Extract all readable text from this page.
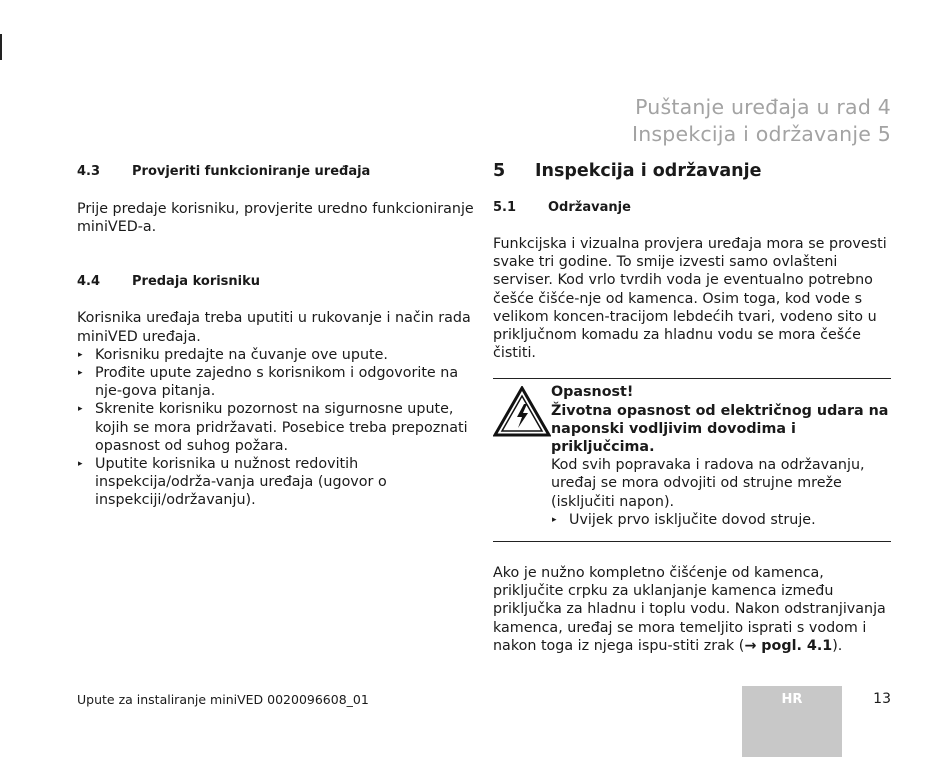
Puštanje uređaja u rad 4
Inspekcija i održavanje 5
4.3	Provjeriti funkcioniranje uređaja

Prije predaje korisniku, provjerite uredno funkcioniranje miniVED-a.

4.4	Predaja korisniku

Korisnika uređaja treba uputiti u rukovanje i način rada miniVED uređaja.

▸ Korisniku predajte na čuvanje ove upute.
▸ Prođite upute zajedno s korisnikom i odgovorite na nje-gova pitanja.
▸ Skrenite korisniku pozornost na sigurnosne upute, kojih se mora pridržavati. Posebice treba prepoznati opasnost od suhog požara.
▸ Uputite korisnika u nužnost redovitih inspekcija/održa-vanja uređaja (ugovor o inspekciji/održavanju).
5	Inspekcija i održavanje
5.1	Održavanje

Funkcijska i vizualna provjera uređaja mora se provesti svake tri godine. To smije izvesti samo ovlašteni serviser. Kod vrlo tvrdih voda je eventualno potrebno češće čišće-nje od kamenca. Osim toga, kod vode s velikom koncen-tracijom lebdećih tvari, vodeno sito u priključnom komadu za hladnu vodu se mora češće čistiti.

Opasnost!

Životna opasnost od električnog udara na naponski vodljivim dovodima i priključcima.

Kod svih popravaka i radova na održavanju, uređaj se mora odvojiti od strujne mreže (isključiti napon).

▸ Uvijek prvo isključite dovod struje.

Ako je nužno kompletno čišćenje od kamenca, priključite crpku za uklanjanje kamenca između priključka za hladnu i toplu vodu. Nakon odstranjivanja kamenca, uređaj se mora temeljito isprati s vodom i nakon toga iz njega ispu-stiti zrak (→ pogl. 4.1).

Upute za instaliranje miniVED 0020096608_01	HR	13
